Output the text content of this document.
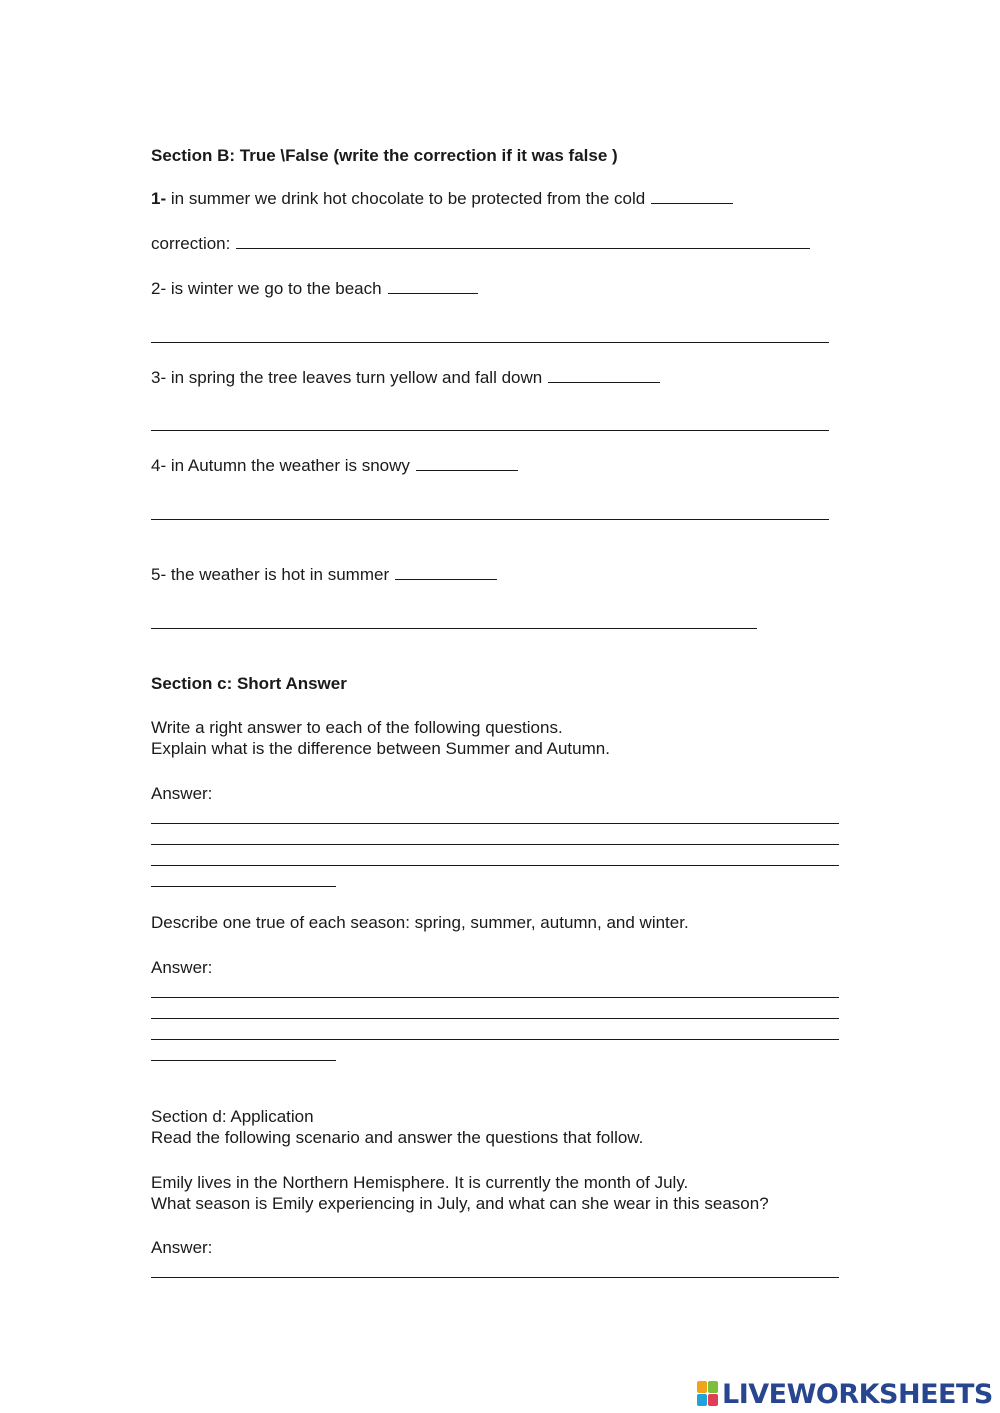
Section B: True \False (write the correction if it was false )
1- in summer we drink hot chocolate to be protected from the cold
correction:
2- is winter we go to the beach
3- in spring the tree leaves turn yellow and fall down
4- in Autumn the weather is snowy
5- the weather is hot in summer
Section c: Short Answer
Write a right answer to each of the following questions.
Explain what is the difference between Summer and Autumn.
Answer:
Describe one true of each season: spring, summer, autumn, and winter.
Answer:
Section d: Application
Read the following scenario and answer the questions that follow.
Emily lives in the Northern Hemisphere. It is currently the month of July.
What season is Emily experiencing in July, and what can she wear in this season?
Answer:
LIVEWORKSHEETS
